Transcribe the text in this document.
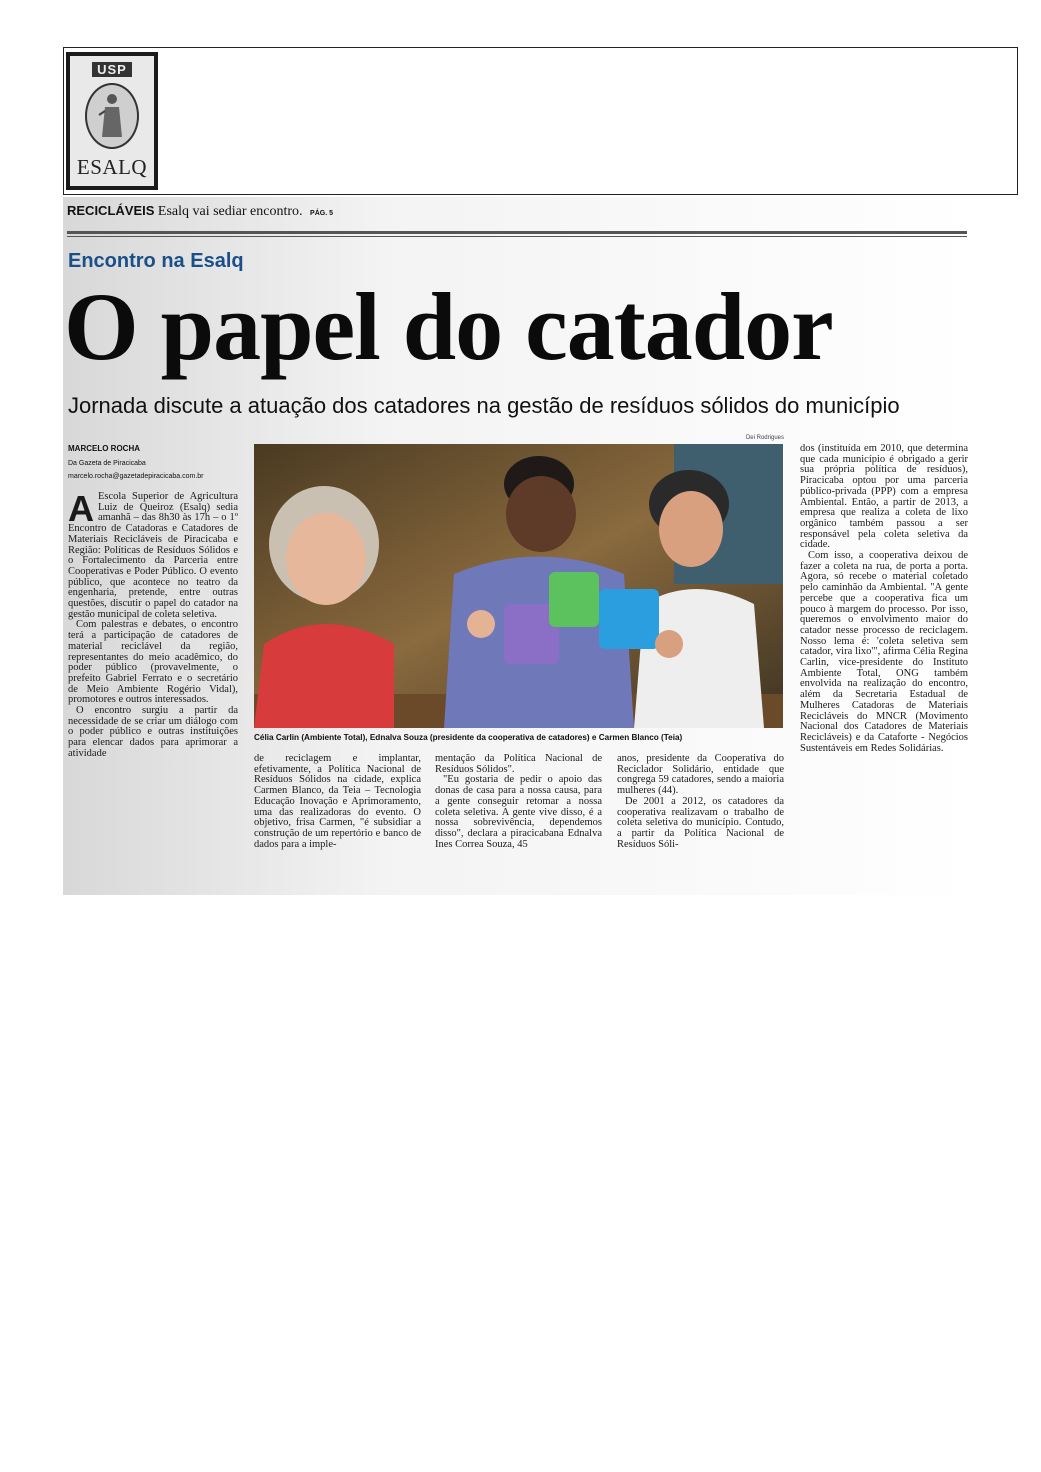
USP
ESALQ
RECICLÁVEIS Esalq vai sediar encontro. PÁG. 5
Encontro na Esalq
O papel do catador
Jornada discute a atuação dos catadores na gestão de resíduos sólidos do município
MARCELO ROCHA
Da Gazeta de Piracicaba
marcelo.rocha@gazetadepiracicaba.com.br

A Escola Superior de Agricultura Luiz de Queiroz (Esalq) sedia amanhã – das 8h30 às 17h – o 1º Encontro de Catadoras e Catadores de Materiais Recicláveis de Piracicaba e Região: Políticas de Resíduos Sólidos e o Fortalecimento da Parceria entre Cooperativas e Poder Público. O evento público, que acontece no teatro da engenharia, pretende, entre outras questões, discutir o papel do catador na gestão municipal de coleta seletiva.

Com palestras e debates, o encontro terá a participação de catadores de material reciclável da região, representantes do meio acadêmico, do poder público (provavelmente, o prefeito Gabriel Ferrato e o secretário de Meio Ambiente Rogério Vidal), promotores e outros interessados.

O encontro surgiu a partir da necessidade de se criar um diálogo com o poder público e outras instituições para elencar dados para aprimorar a atividade

Dei Rodrigues
Célia Carlin (Ambiente Total), Ednalva Souza (presidente da cooperativa de catadores) e Carmen Blanco (Teia)

de reciclagem e implantar, efetivamente, a Política Nacional de Resíduos Sólidos na cidade, explica Carmen Blanco, da Teia – Tecnologia Educação Inovação e Aprimoramento, uma das realizadoras do evento. O objetivo, frisa Carmen, "é subsidiar a construção de um repertório e banco de dados para a imple-

mentação da Política Nacional de Resíduos Sólidos".

"Eu gostaria de pedir o apoio das donas de casa para a nossa causa, para a gente conseguir retomar a nossa coleta seletiva. A gente vive disso, é a nossa sobrevivência, dependemos disso", declara a piracicabana Ednalva Ines Correa Souza, 45

anos, presidente da Cooperativa do Reciclador Solidário, entidade que congrega 59 catadores, sendo a maioria mulheres (44).

De 2001 a 2012, os catadores da cooperativa realizavam o trabalho de coleta seletiva do município. Contudo, a partir da Política Nacional de Resíduos Sóli-

dos (instituída em 2010, que determina que cada município é obrigado a gerir sua própria política de resíduos), Piracicaba optou por uma parceria público-privada (PPP) com a empresa Ambiental. Então, a partir de 2013, a empresa que realiza a coleta de lixo orgânico também passou a ser responsável pela coleta seletiva da cidade.

Com isso, a cooperativa deixou de fazer a coleta na rua, de porta a porta. Agora, só recebe o material coletado pelo caminhão da Ambiental. "A gente percebe que a cooperativa fica um pouco à margem do processo. Por isso, queremos o envolvimento maior do catador nesse processo de reciclagem. Nosso lema é: 'coleta seletiva sem catador, vira lixo'", afirma Célia Regina Carlin, vice-presidente do Instituto Ambiente Total, ONG também envolvida na realização do encontro, além da Secretaria Estadual de Mulheres Catadoras de Materiais Recicláveis do MNCR (Movimento Nacional dos Catadores de Materiais Recicláveis) e da Cataforte - Negócios Sustentáveis em Redes Solidárias.
